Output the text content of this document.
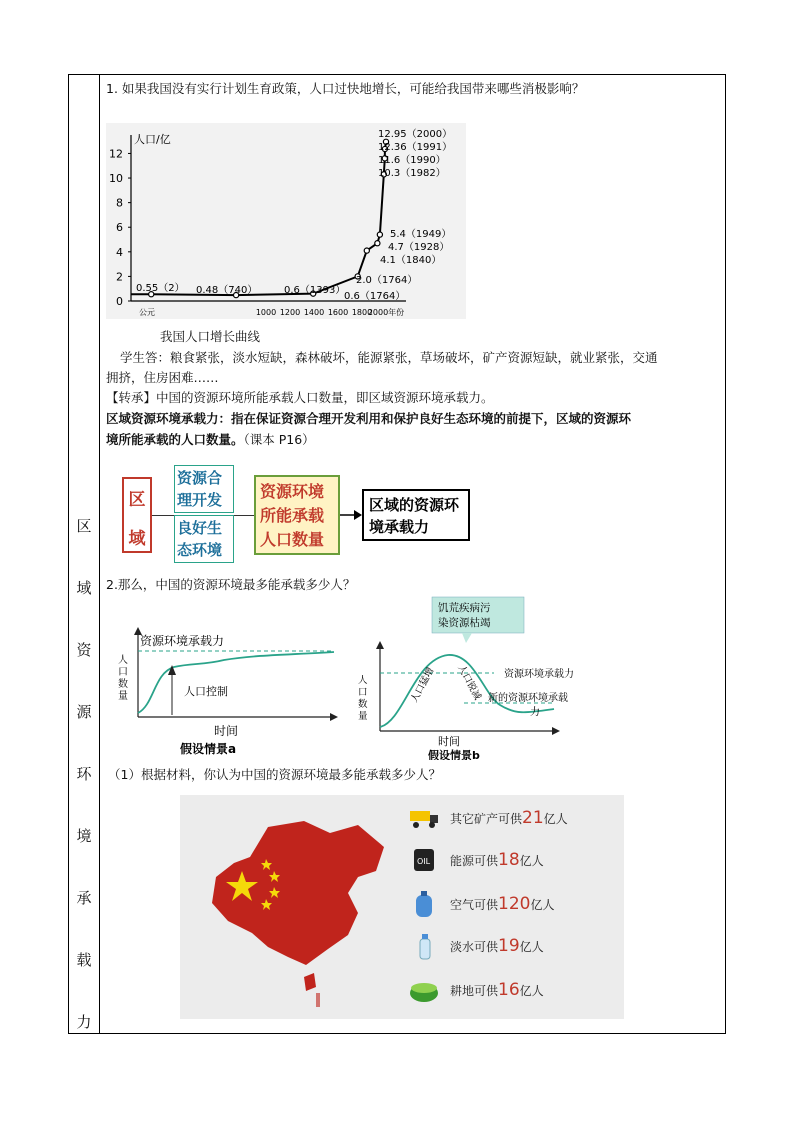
区
域
资
源
环
境
承
载
力
1. 如果我国没有实行计划生育政策，人口过快地增长，可能给我国带来哪些消极影响？
人口/亿
0
2
4
6
8
10
12
公元	1000 1200 1400 1600 1800
2000年份
12.95（2000）
12.36（1991）
11.6（1990）
10.3（1982）
5.4（1949）
4.7（1928）
4.1（1840）
2.0（1764）
0.6（1764）
0.6（1393）
0.48（740）
0.55（2）
我国人口增长曲线
学生答：粮食紧张，淡水短缺，森林破坏，能源紧张，草场破坏，矿产资源短缺，就业紧张，交通
拥挤，住房困难……
【转承】中国的资源环境所能承载人口数量，即区域资源环境承载力。
区域资源环境承载力：指在保证资源合理开发利用和保护良好生态环境的前提下，区域的资源环
境所能承载的人口数量。（课本 P16）
区
域
资源合理开发
良好生态环境
资源环境所能承载人口数量
区域的资源环境承载力
2.那么，中国的资源环境最多能承载多少人？
资源环境承载力
人
口
数
量	人口控制
时间
假设情景a
饥荒疾病污
染资源枯竭
人口数量
人口猛增 人口锐减 资源环境承载力
新的资源环境承载
力
时间
假设情景b
（1）根据材料，你认为中国的资源环境最多能承载多少人？
其它矿产可供21亿人
OIL 能源可供18亿人
空气可供120亿人
淡水可供19亿人
耕地可供16亿人
